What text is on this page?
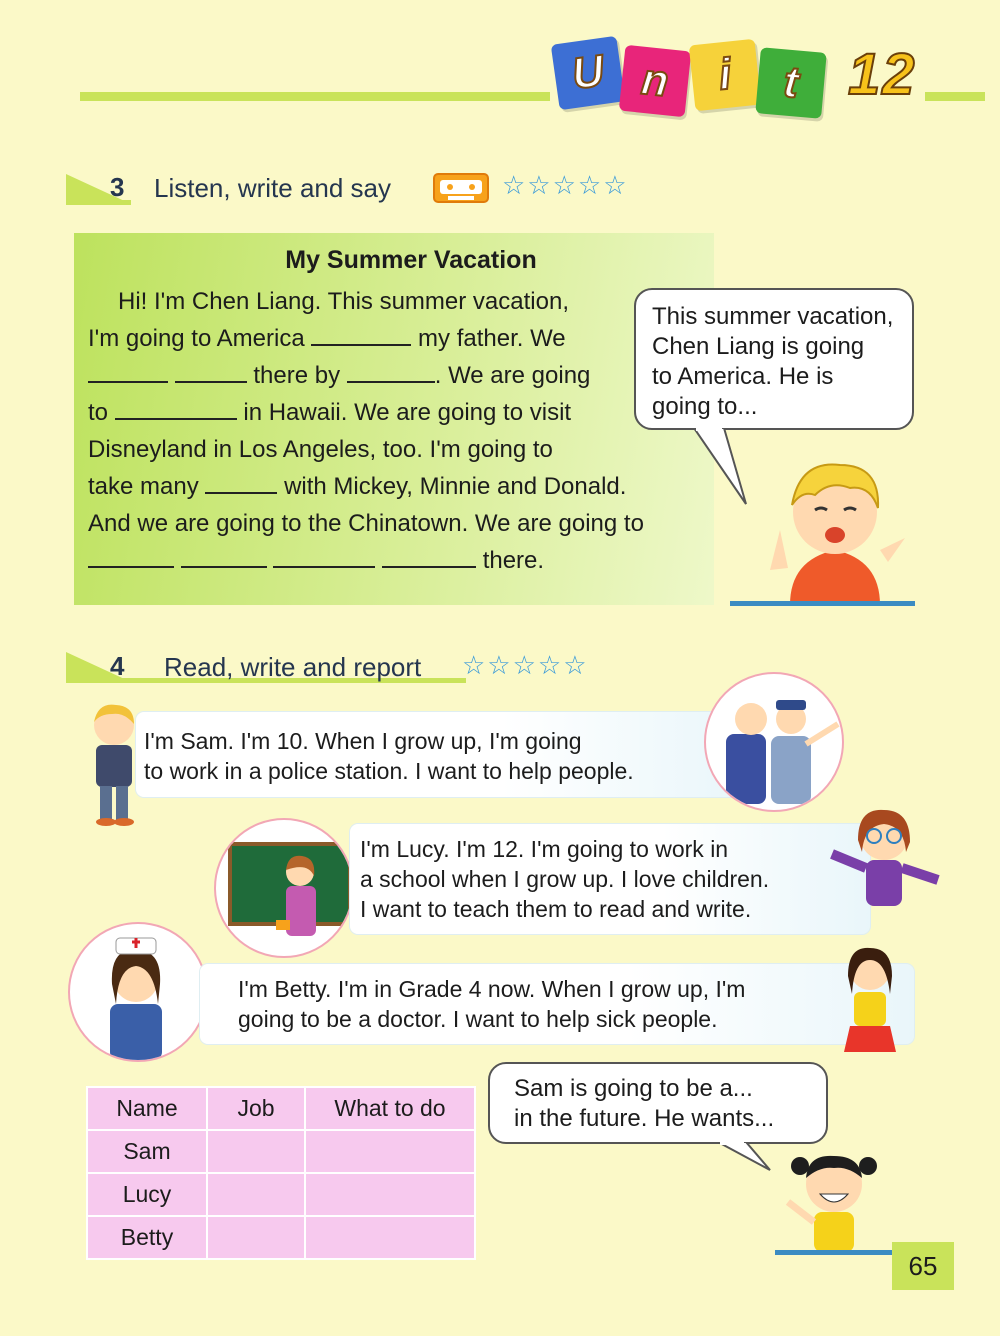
U n	i	t 12
3 Listen, write and say	☆☆☆☆☆
My Summer Vacation
Hi! I'm Chen Liang. This summer vacation,
I'm going to America	my father. We
there by	. We are going
to	in Hawaii. We are going to visit
Disneyland in Los Angeles, too. I'm going to
take many	with Mickey, Minnie and Donald.
And we are going to the Chinatown. We are going to
there.
This summer vacation,
Chen Liang is going
to America. He is
going to...
4 Read, write and report ☆☆☆☆☆
I'm Sam. I'm 10. When I grow up, I'm going
to work in a police station. I want to help people.
I'm Lucy. I'm 12. I'm going to work in
a school when I grow up. I love children.
I want to teach them to read and write.
I'm Betty. I'm in Grade 4 now. When I grow up, I'm
going to be a doctor. I want to help sick people.
Name	Job	What to do
Sam		
Lucy		
Betty		
Sam is going to be a...
in the future. He wants...
65
